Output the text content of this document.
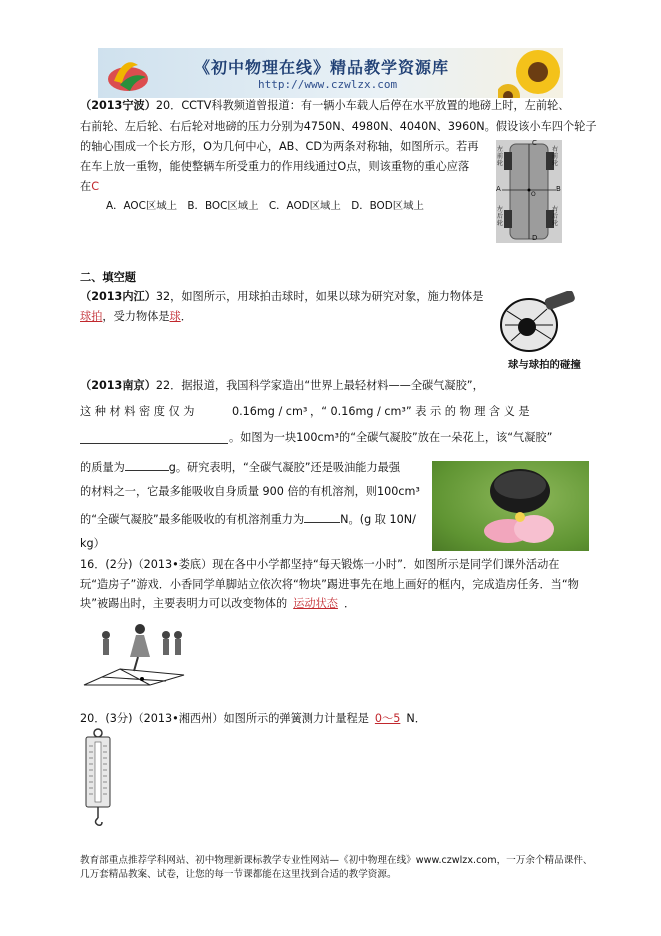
《初中物理在线》精品教学资源库
http://www.czwlzx.com
（2013宁波）20．CCTV科教频道曾报道：有一辆小车载人后停在水平放置的地磅上时，左前轮、
右前轮、左后轮、右后轮对地磅的压力分别为4750N、4980N、4040N、3960N。假设该小车四个轮子
的轴心围成一个长方形，O为几何中心，AB、CD为两条对称轴，如图所示。若再
在车上放一重物，能使整辆车所受重力的作用线通过O点，则该重物的重心应落
在C
A．AOC区域上　B．BOC区域上　C．AOD区域上　D．BOD区域上
左前轮
右前轮
左后轮
右后轮
C
D
A	B
O
二、填空题
（2013内江）32，如图所示，用球拍击球时，如果以球为研究对象，施力物体是
球拍，受力物体是球．
球与球拍的碰撞
（2013南京）22．据报道，我国科学家造出“世界上最轻材料——全碳气凝胶”，
这 种 材 料 密 度 仅 为	0.16mg / cm³ ，“ 0.16mg / cm³” 表 示 的 物 理 含 义 是
。如图为一块100cm³的“全碳气凝胶”放在一朵花上，该“气凝胶”
的质量为	g。研究表明，“全碳气凝胶”还是吸油能力最强
的材料之一，它最多能吸收自身质量 900 倍的有机溶剂，则100cm³
的“全碳气凝胶”最多能吸收的有机溶剂重力为	N。(g 取 10N/
kg）
16．(2分)（2013•娄底）现在各中小学都坚持“每天锻炼一小时”．如图所示是同学们课外活动在
玩“造房子”游戏．小香同学单脚站立依次将“物块”踢进事先在地上画好的框内，完成造房任务．当“物
块”被踢出时，主要表明力可以改变物体的 运动状态 ．
20．(3分)（2013•湘西州）如图所示的弹簧测力计量程是 0～5 N．
教育部重点推荐学科网站、初中物理新课标教学专业性网站—《初中物理在线》www.czwlzx.com，一万余个精品课件、
几万套精品教案、试卷，让您的每一节课都能在这里找到合适的教学资源。
